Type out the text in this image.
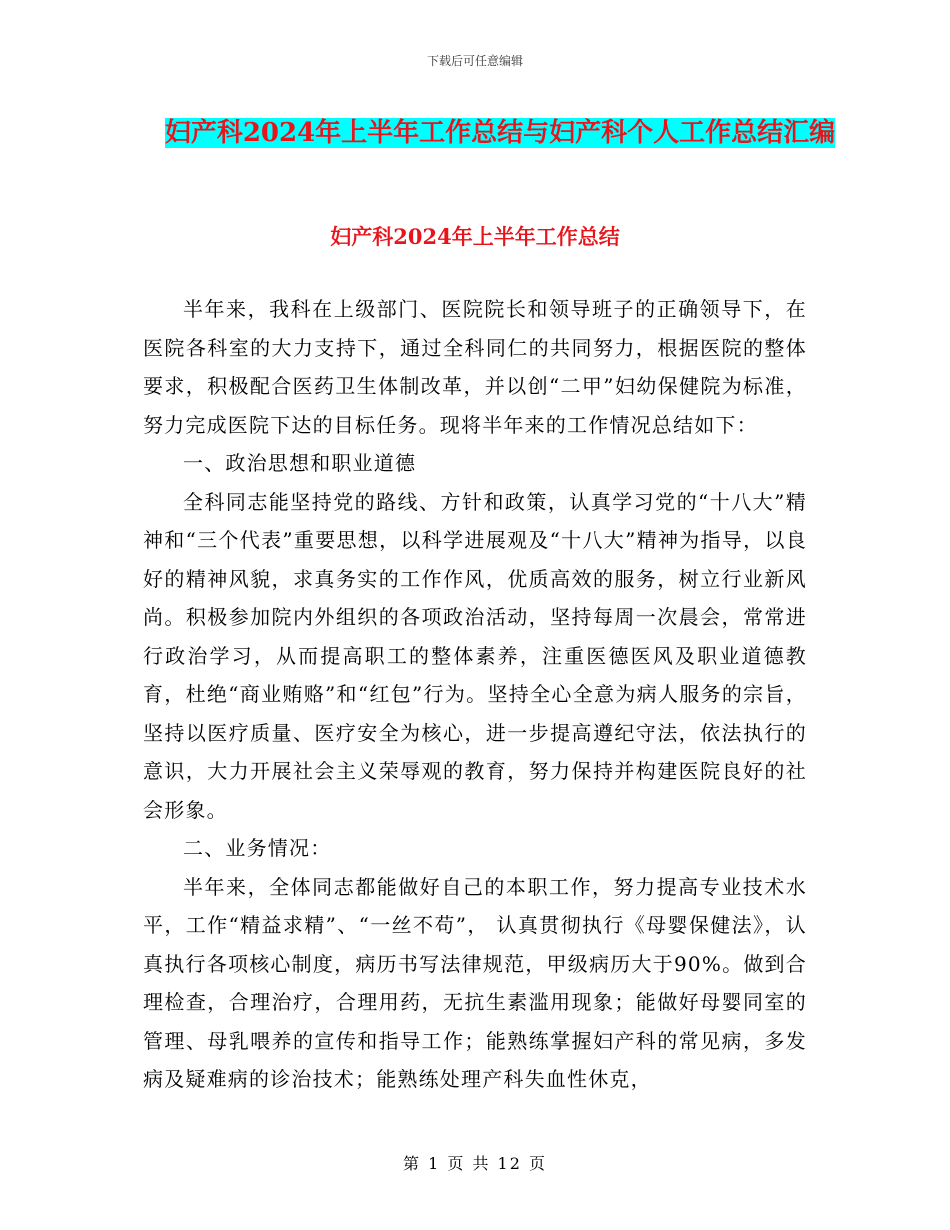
下载后可任意编辑
妇产科2024年上半年工作总结与妇产科个人工作总结汇编
妇产科2024年上半年工作总结

半年来，我科在上级部门、医院院长和领导班子的正确领导下，在医院各科室的大力支持下，通过全科同仁的共同努力，根据医院的整体要求，积极配合医药卫生体制改革，并以创“二甲”妇幼保健院为标准，努力完成医院下达的目标任务。现将半年来的工作情况总结如下：

一、政治思想和职业道德

全科同志能坚持党的路线、方针和政策，认真学习党的“十八大”精神和“三个代表”重要思想，以科学进展观及“十八大”精神为指导，以良好的精神风貌，求真务实的工作作风，优质高效的服务，树立行业新风尚。积极参加院内外组织的各项政治活动，坚持每周一次晨会，常常进行政治学习，从而提高职工的整体素养，注重医德医风及职业道德教育，杜绝“商业贿赂”和“红包”行为。坚持全心全意为病人服务的宗旨，坚持以医疗质量、医疗安全为核心，进一步提高遵纪守法，依法执行的意识，大力开展社会主义荣辱观的教育，努力保持并构建医院良好的社会形象。

二、业务情况：

半年来，全体同志都能做好自己的本职工作，努力提高专业技术水平，工作“精益求精”、“一丝不苟”， 认真贯彻执行《母婴保健法》，认真执行各项核心制度，病历书写法律规范，甲级病历大于90%。做到合理检查，合理治疗，合理用药，无抗生素滥用现象；能做好母婴同室的管理、母乳喂养的宣传和指导工作；能熟练掌握妇产科的常见病，多发病及疑难病的诊治技术；能熟练处理产科失血性休克，

第 1 页 共 12 页
